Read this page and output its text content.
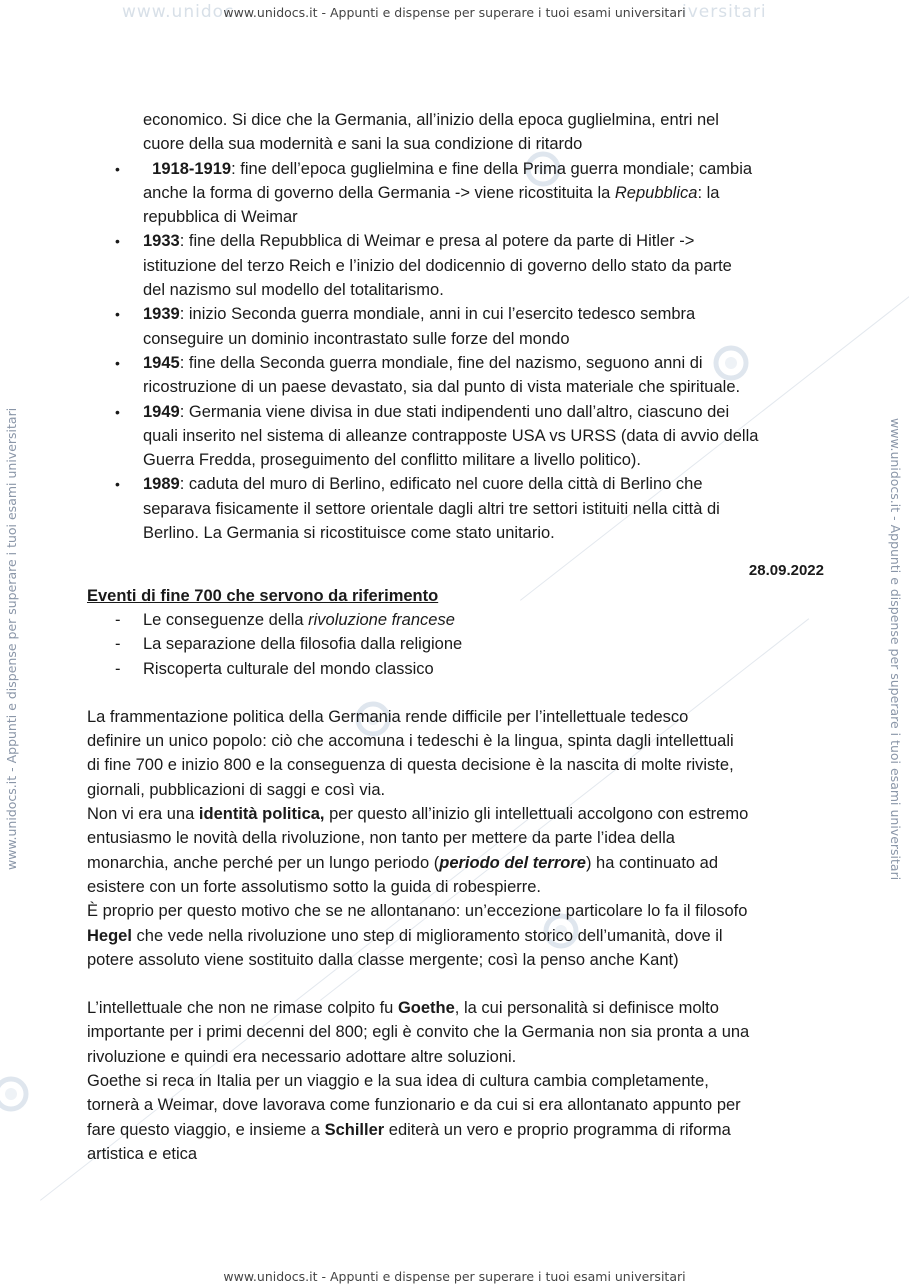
www.unidoc	iversitari
www.unidocs.it - Appunti e dispense per superare i tuoi esami universitari
www.unidocs.it - Appunti e dispense per superare i tuoi esami universitari
www.unidocs.it - Appunti e dispense per superare i tuoi esami universitari	www.unidocs.it - Appunti e dispense per superare i tuoi esami universitari

economico. Si dice che la Germania, all’inizio della epoca guglielmina, entri nel

cuore della sua modernità e sani la sua condizione di ritardo

•	1918-1919: fine dell’epoca guglielmina e fine della Prima guerra mondiale; cambia

anche la forma di governo della Germania -> viene ricostituita la Repubblica: la

repubblica di Weimar

• 1933: fine della Repubblica di Weimar e presa al potere da parte di Hitler ->

istituzione del terzo Reich e l’inizio del dodicennio di governo dello stato da parte

del nazismo sul modello del totalitarismo.

• 1939: inizio Seconda guerra mondiale, anni in cui l’esercito tedesco sembra

conseguire un dominio incontrastato sulle forze del mondo

• 1945: fine della Seconda guerra mondiale, fine del nazismo, seguono anni di

ricostruzione di un paese devastato, sia dal punto di vista materiale che spirituale.

• 1949: Germania viene divisa in due stati indipendenti uno dall’altro, ciascuno dei

quali inserito nel sistema di alleanze contrapposte USA vs URSS (data di avvio della

Guerra Fredda, proseguimento del conflitto militare a livello politico).

• 1989: caduta del muro di Berlino, edificato nel cuore della città di Berlino che

separava fisicamente il settore orientale dagli altri tre settori istituiti nella città di

Berlino. La Germania si ricostituisce come stato unitario.

28.09.2022

Eventi di fine 700 che servono da riferimento

- Le conseguenze della rivoluzione francese

- La separazione della filosofia dalla religione

- Riscoperta culturale del mondo classico

La frammentazione politica della Germania rende difficile per l’intellettuale tedesco

definire un unico popolo: ciò che accomuna i tedeschi è la lingua, spinta dagli intellettuali

di fine 700 e inizio 800 e la conseguenza di questa decisione è la nascita di molte riviste,

giornali, pubblicazioni di saggi e così via.

Non vi era una identità politica, per questo all’inizio gli intellettuali accolgono con estremo

entusiasmo le novità della rivoluzione, non tanto per mettere da parte l’idea della

monarchia, anche perché per un lungo periodo (periodo del terrore) ha continuato ad

esistere con un forte assolutismo sotto la guida di robespierre.

È proprio per questo motivo che se ne allontanano: un’eccezione particolare lo fa il filosofo

Hegel che vede nella rivoluzione uno step di miglioramento storico dell’umanità, dove il

potere assoluto viene sostituito dalla classe mergente; così la penso anche Kant)

L’intellettuale che non ne rimase colpito fu Goethe, la cui personalità si definisce molto

importante per i primi decenni del 800; egli è convito che la Germania non sia pronta a una

rivoluzione e quindi era necessario adottare altre soluzioni.

Goethe si reca in Italia per un viaggio e la sua idea di cultura cambia completamente,

tornerà a Weimar, dove lavorava come funzionario e da cui si era allontanato appunto per

fare questo viaggio, e insieme a Schiller editerà un vero e proprio programma di riforma

artistica e etica
